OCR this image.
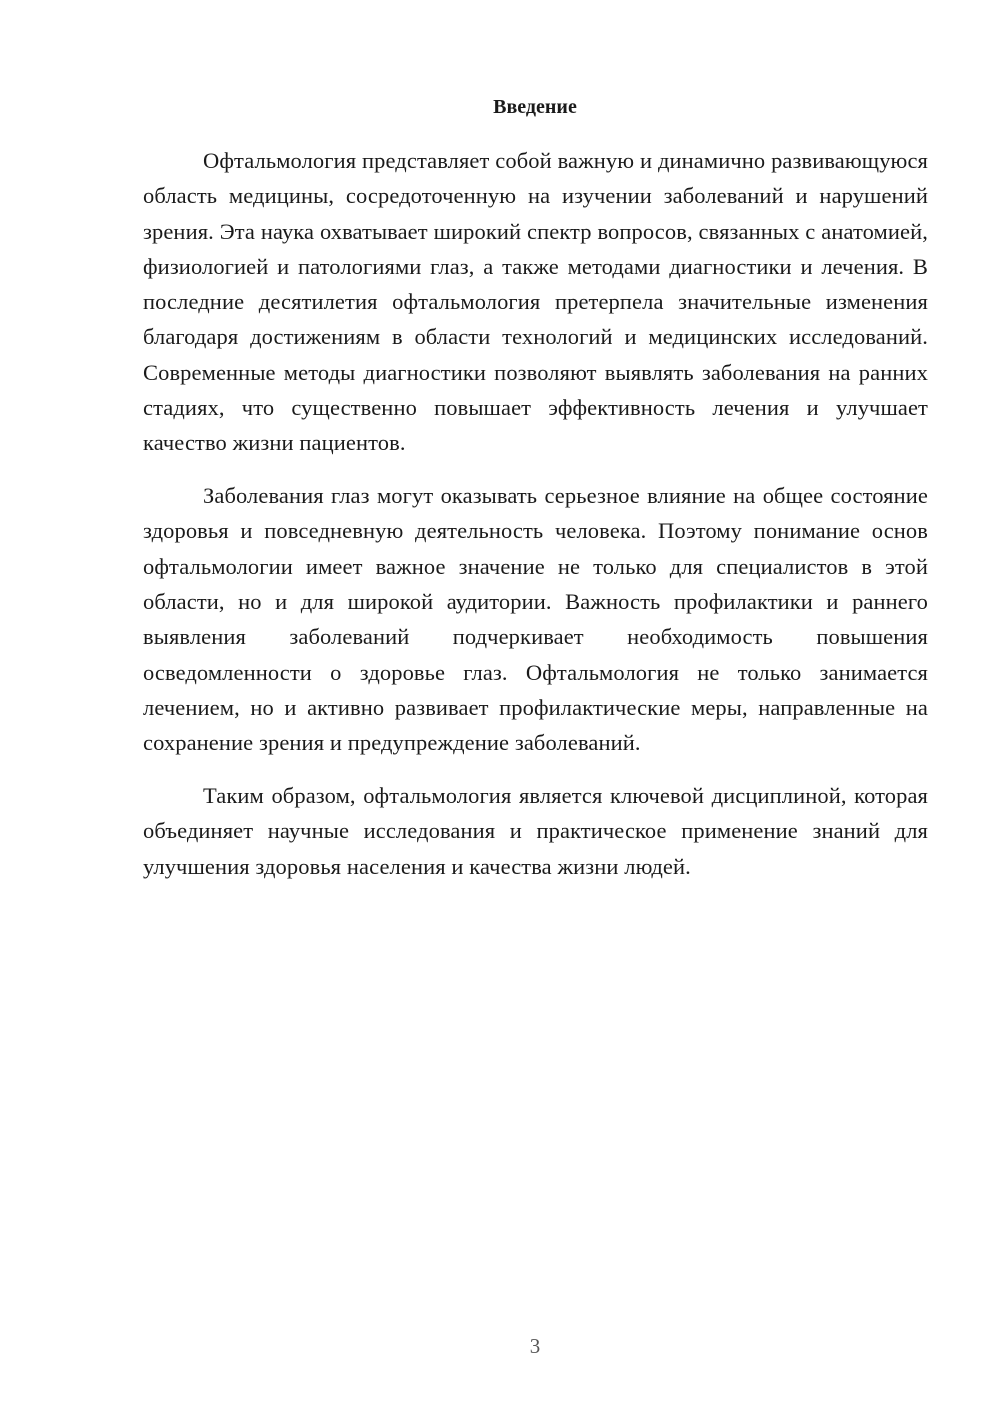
Введение

Офтальмология представляет собой важную и динамично развивающуюся область медицины, сосредоточенную на изучении заболеваний и нарушений зрения. Эта наука охватывает широкий спектр вопросов, связанных с анатомией, физиологией и патологиями глаз, а также методами диагностики и лечения. В последние десятилетия офтальмология претерпела значительные изменения благодаря достижениям в области технологий и медицинских исследований. Современные методы диагностики позволяют выявлять заболевания на ранних стадиях, что существенно повышает эффективность лечения и улучшает качество жизни пациентов.

Заболевания глаз могут оказывать серьезное влияние на общее состояние здоровья и повседневную деятельность человека. Поэтому понимание основ офтальмологии имеет важное значение не только для специалистов в этой области, но и для широкой аудитории. Важность профилактики и раннего выявления заболеваний подчеркивает необходимость повышения осведомленности о здоровье глаз. Офтальмология не только занимается лечением, но и активно развивает профилактические меры, направленные на сохранение зрения и предупреждение заболеваний.

Таким образом, офтальмология является ключевой дисциплиной, которая объединяет научные исследования и практическое применение знаний для улучшения здоровья населения и качества жизни людей.

3
